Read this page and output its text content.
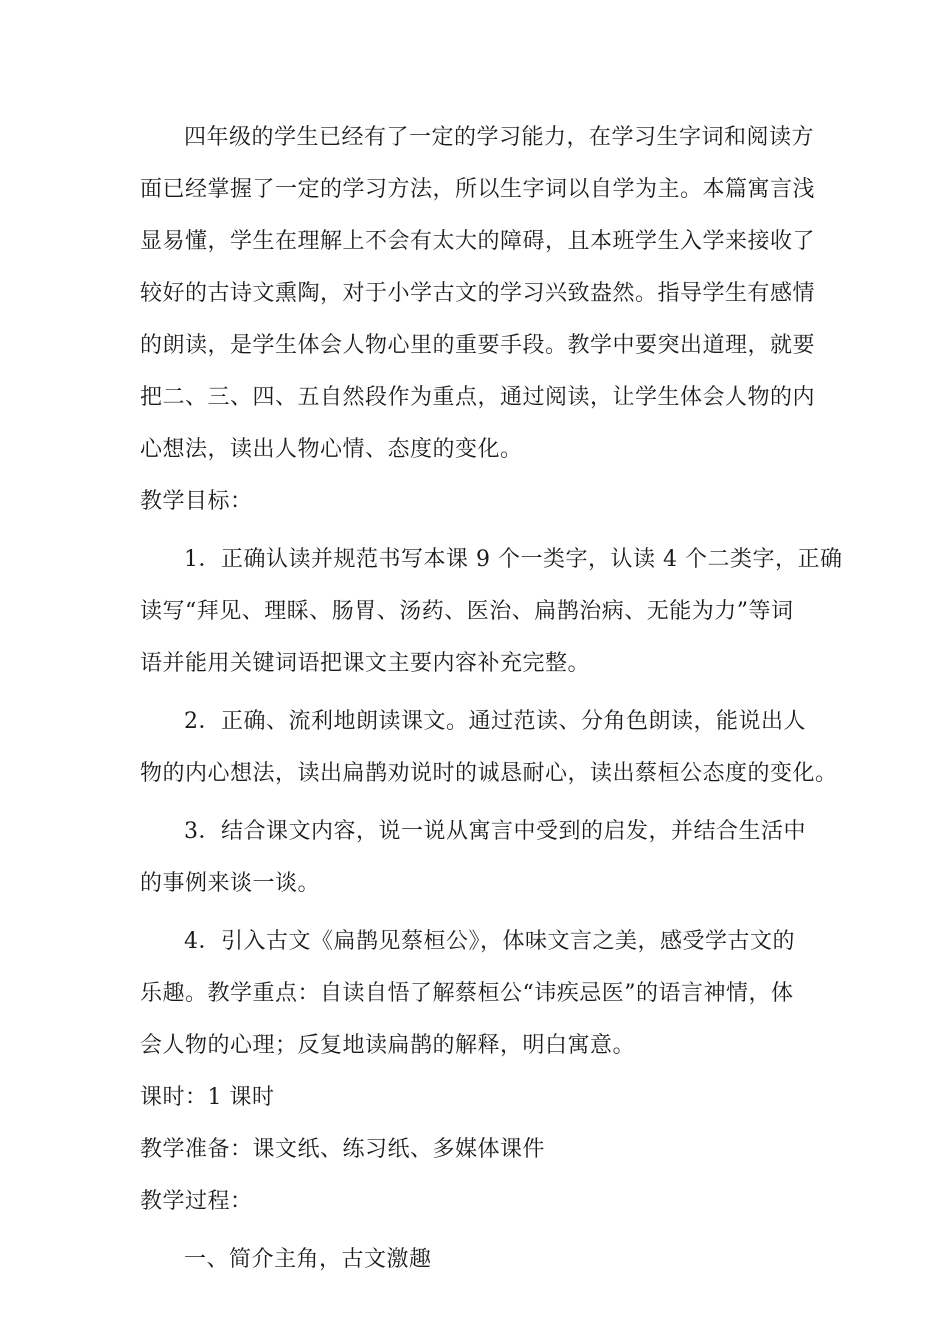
四年级的学生已经有了一定的学习能力，在学习生字词和阅读方
面已经掌握了一定的学习方法，所以生字词以自学为主。本篇寓言浅
显易懂，学生在理解上不会有太大的障碍，且本班学生入学来接收了
较好的古诗文熏陶，对于小学古文的学习兴致盎然。指导学生有感情
的朗读，是学生体会人物心里的重要手段。教学中要突出道理，就要
把二、三、四、五自然段作为重点，通过阅读，让学生体会人物的内
心想法，读出人物心情、态度的变化。
教学目标：
1．正确认读并规范书写本课 9 个一类字，认读 4 个二类字，正确
读写“拜见、理睬、肠胃、汤药、医治、扁鹊治病、无能为力”等词
语并能用关键词语把课文主要内容补充完整。
2．正确、流利地朗读课文。通过范读、分角色朗读，能说出人
物的内心想法，读出扁鹊劝说时的诚恳耐心，读出蔡桓公态度的变化。
3．结合课文内容，说一说从寓言中受到的启发，并结合生活中
的事例来谈一谈。
4．引入古文《扁鹊见蔡桓公》，体味文言之美，感受学古文的
乐趣。教学重点：自读自悟了解蔡桓公“讳疾忌医”的语言神情，体
会人物的心理；反复地读扁鹊的解释，明白寓意。
课时：1 课时
教学准备：课文纸、练习纸、多媒体课件
教学过程：
一、简介主角，古文激趣
